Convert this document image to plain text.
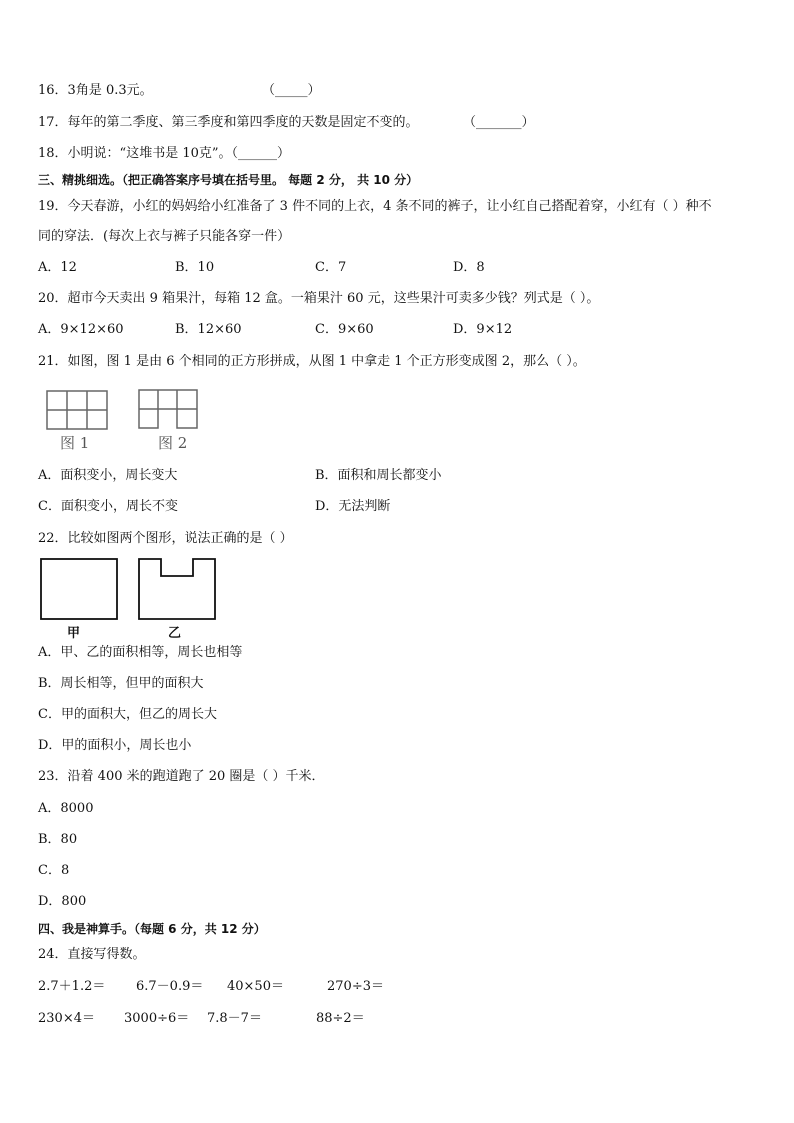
16．3角是 0.3元。	（_____）
17．每年的第二季度、第三季度和第四季度的天数是固定不变的。	（_______）
18．小明说：“这堆书是 10克”。（______）
三、精挑细选。（把正确答案序号填在括号里。 每题 2 分， 共 10 分）
19．今天春游，小红的妈妈给小红准备了 3 件不同的上衣，4 条不同的裤子，让小红自己搭配着穿，小红有（ ）种不
同的穿法．(每次上衣与裤子只能各穿一件）
A．12	B．10	C．7	D．8
20．超市今天卖出 9 箱果汁，每箱 12 盒。一箱果汁 60 元，这些果汁可卖多少钱？列式是（ ）。
A．9×12×60	B．12×60	C．9×60	D．9×12
21．如图，图 1 是由 6 个相同的正方形拼成，从图 1 中拿走 1 个正方形变成图 2，那么（ ）。
图 1	图 2
A．面积变小，周长变大	B．面积和周长都变小
C．面积变小，周长不变	D．无法判断
22．比较如图两个图形，说法正确的是（ ）
甲	乙
A．甲、乙的面积相等，周长也相等
B．周长相等，但甲的面积大
C．甲的面积大，但乙的周长大
D．甲的面积小，周长也小
23．沿着 400 米的跑道跑了 20 圈是（ ）千米．
A．8000
B．80
C．8
D．800
四、我是神算手。（每题 6 分，共 12 分）
24．直接写得数。
2.7＋1.2＝ 6.7－0.9＝ 40×50＝	270÷3＝
230×4＝ 3000÷6＝ 7.8－7＝	88÷2＝
